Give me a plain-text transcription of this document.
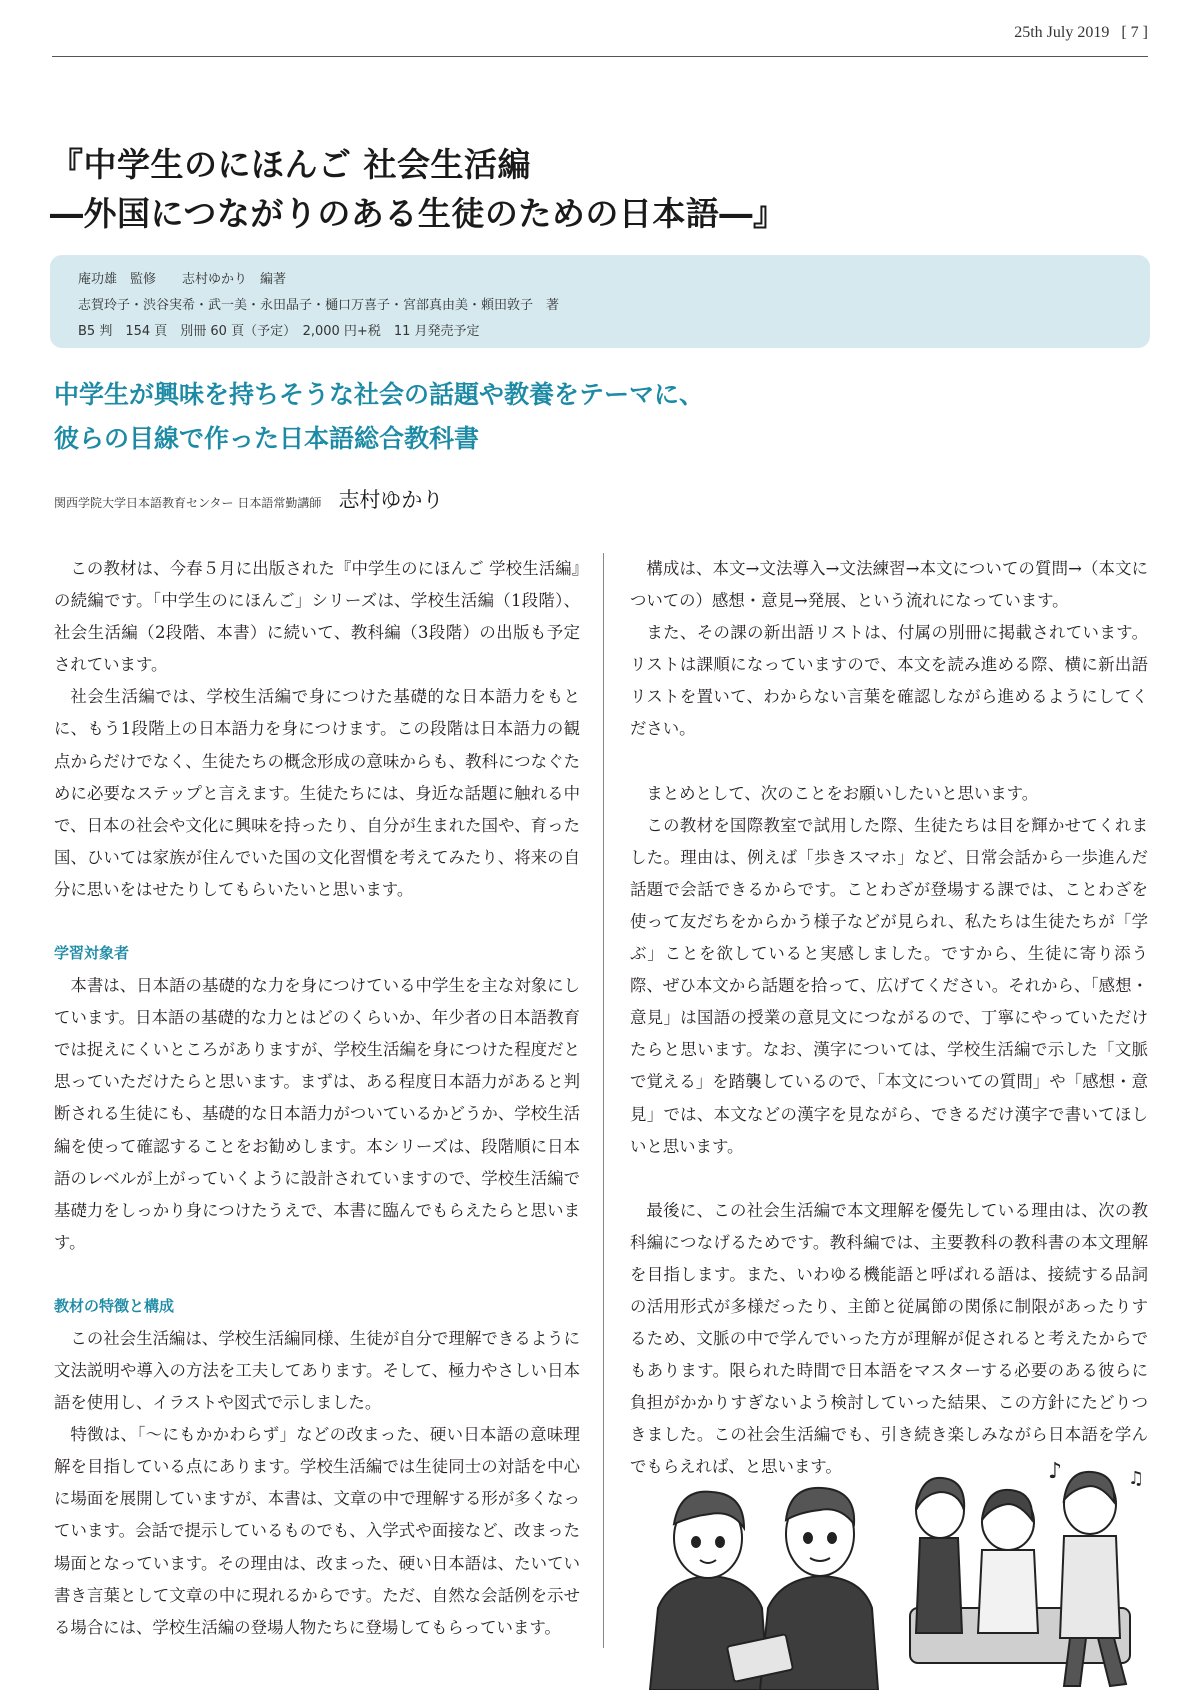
25th July 2019 [ 7 ]
『中学生のにほんご 社会生活編
―外国につながりのある生徒のための日本語―』
庵功雄　監修　　志村ゆかり　編著
志賀玲子・渋谷実希・武一美・永田晶子・樋口万喜子・宮部真由美・頼田敦子　著
B5 判　154 頁　別冊 60 頁（予定）　2,000 円+税　11 月発売予定
中学生が興味を持ちそうな社会の話題や教養をテーマに、
彼らの目線で作った日本語総合教科書
関西学院大学日本語教育センター 日本語常勤講師 志村ゆかり

この教材は、今春５月に出版された『中学生のにほんご 学校生活編』の続編です。「中学生のにほんご」シリーズは、学校生活編（1段階）、社会生活編（2段階、本書）に続いて、教科編（3段階）の出版も予定されています。

社会生活編では、学校生活編で身につけた基礎的な日本語力をもとに、もう1段階上の日本語力を身につけます。この段階は日本語力の観点からだけでなく、生徒たちの概念形成の意味からも、教科につなぐために必要なステップと言えます。生徒たちには、身近な話題に触れる中で、日本の社会や文化に興味を持ったり、自分が生まれた国や、育った国、ひいては家族が住んでいた国の文化習慣を考えてみたり、将来の自分に思いをはせたりしてもらいたいと思います。

学習対象者

本書は、日本語の基礎的な力を身につけている中学生を主な対象にしています。日本語の基礎的な力とはどのくらいか、年少者の日本語教育では捉えにくいところがありますが、学校生活編を身につけた程度だと思っていただけたらと思います。まずは、ある程度日本語力があると判断される生徒にも、基礎的な日本語力がついているかどうか、学校生活編を使って確認することをお勧めします。本シリーズは、段階順に日本語のレベルが上がっていくように設計されていますので、学校生活編で基礎力をしっかり身につけたうえで、本書に臨んでもらえたらと思います。

教材の特徴と構成

この社会生活編は、学校生活編同様、生徒が自分で理解できるように文法説明や導入の方法を工夫してあります。そして、極力やさしい日本語を使用し、イラストや図式で示しました。

特徴は、「～にもかかわらず」などの改まった、硬い日本語の意味理解を目指している点にあります。学校生活編では生徒同士の対話を中心に場面を展開していますが、本書は、文章の中で理解する形が多くなっています。会話で提示しているものでも、入学式や面接など、改まった場面となっています。その理由は、改まった、硬い日本語は、たいてい書き言葉として文章の中に現れるからです。ただ、自然な会話例を示せる場合には、学校生活編の登場人物たちに登場してもらっています。

構成は、本文→文法導入→文法練習→本文についての質問→（本文についての）感想・意見→発展、という流れになっています。

また、その課の新出語リストは、付属の別冊に掲載されています。リストは課順になっていますので、本文を読み進める際、横に新出語リストを置いて、わからない言葉を確認しながら進めるようにしてください。

まとめとして、次のことをお願いしたいと思います。

この教材を国際教室で試用した際、生徒たちは目を輝かせてくれました。理由は、例えば「歩きスマホ」など、日常会話から一歩進んだ話題で会話できるからです。ことわざが登場する課では、ことわざを使って友だちをからかう様子などが見られ、私たちは生徒たちが「学ぶ」ことを欲していると実感しました。ですから、生徒に寄り添う際、ぜひ本文から話題を拾って、広げてください。それから、「感想・意見」は国語の授業の意見文につながるので、丁寧にやっていただけたらと思います。なお、漢字については、学校生活編で示した「文脈で覚える」を踏襲しているので、「本文についての質問」や「感想・意見」では、本文などの漢字を見ながら、できるだけ漢字で書いてほしいと思います。

最後に、この社会生活編で本文理解を優先している理由は、次の教科編につなげるためです。教科編では、主要教科の教科書の本文理解を目指します。また、いわゆる機能語と呼ばれる語は、接続する品詞の活用形式が多様だったり、主節と従属節の関係に制限があったりするため、文脈の中で学んでいった方が理解が促されると考えたからでもあります。限られた時間で日本語をマスターする必要のある彼らに負担がかかりすぎないよう検討していった結果、この方針にたどりつきました。この社会生活編でも、引き続き楽しみながら日本語を学んでもらえれば、と思います。	♪	♫
